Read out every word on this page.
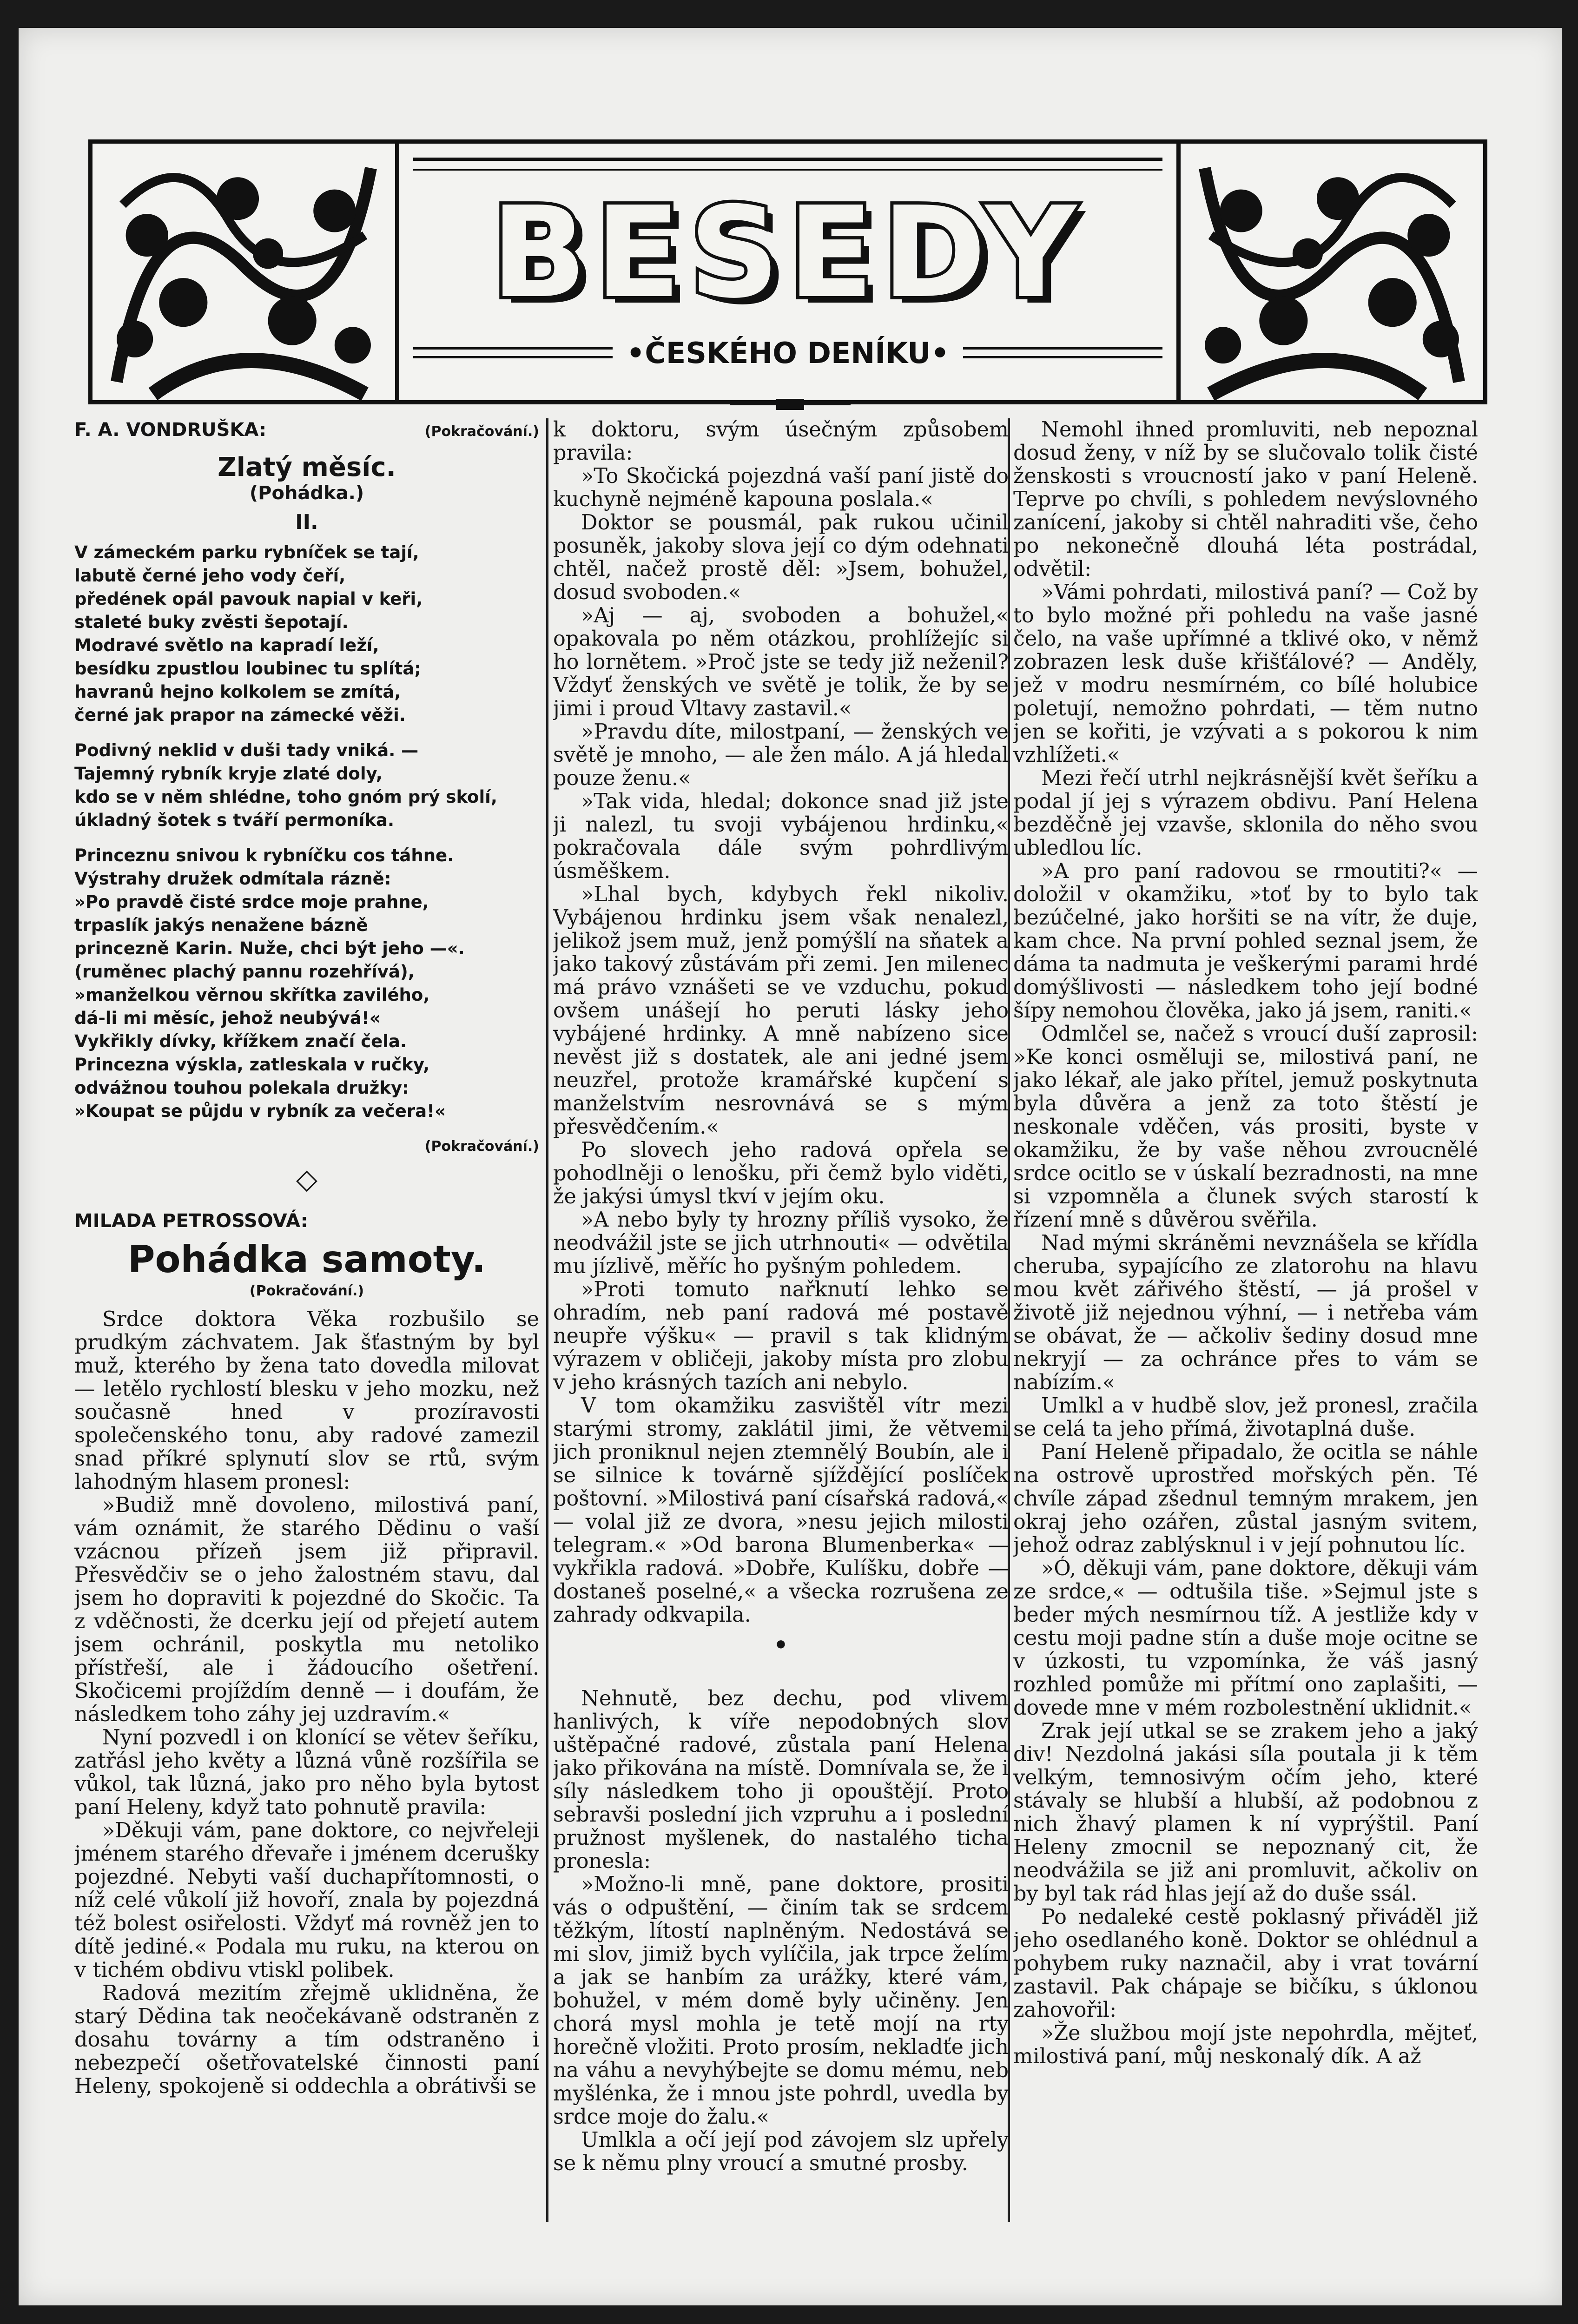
BESEDY
•ČESKÉHO DENÍKU•
F. A. VONDRUŠKA:	(Pokračování.)
Zlatý měsíc.
(Pohádka.)
II.

V zámeckém parku rybníček se tají,

labutě černé jeho vody čeří,

předének opál pavouk napial v keři,

staleté buky zvěsti šepotají.

Modravé světlo na kapradí leží,

besídku zpustlou loubinec tu splítá;

havranů hejno kolkolem se zmítá,

černé jak prapor na zámecké věži.

Podivný neklid v duši tady vniká. —

Tajemný rybník kryje zlaté doly,

kdo se v něm shlédne, toho gnóm prý skolí,

úkladný šotek s tváří permoníka.

Princeznu snivou k rybníčku cos táhne.

Výstrahy družek odmítala rázně:

»Po pravdě čisté srdce moje prahne,

trpaslík jakýs nenažene bázně

princezně Karin. Nuže, chci být jeho —«.

(ruměnec plachý pannu rozehřívá),

»manželkou věrnou skřítka zavilého,

dá-li mi měsíc, jehož neubývá!«

Vykřikly dívky, křížkem značí čela.

Princezna výskla, zatleskala v ručky,

odvážnou touhou polekala družky:

»Koupat se půjdu v rybník za večera!«

(Pokračování.)
◇
MILADA PETROSSOVÁ:
Pohádka samoty.
(Pokračování.)

Srdce doktora Věka rozbušilo se prudkým záchvatem. Jak šťastným by byl muž, kterého by žena tato dovedla milovat — letělo rychlostí blesku v jeho mozku, než současně hned v prozíravosti společenského tonu, aby radové zamezil snad příkré splynutí slov se rtů, svým lahodným hlasem pronesl:

»Budiž mně dovoleno, milostivá paní, vám oznámit, že starého Dědinu o vaší vzácnou přízeň jsem již připravil. Přesvědčiv se o jeho žalostném stavu, dal jsem ho dopraviti k pojezdné do Skočic. Ta z vděčnosti, že dcerku její od přejetí autem jsem ochránil, poskytla mu netoliko přístřeší, ale i žádoucího ošetření. Skočicemi projíždím denně — i doufám, že následkem toho záhy jej uzdravím.«

Nyní pozvedl i on klonící se větev šeříku, zatřásl jeho květy a lůzná vůně rozšířila se vůkol, tak lůzná, jako pro něho byla bytost paní Heleny, když tato pohnutě pravila:

»Děkuji vám, pane doktore, co nejvřeleji jménem starého dřevaře i jménem dcerušky pojezdné. Nebyti vaší duchapřítomnosti, o níž celé vůkolí již hovoří, znala by pojezdná též bolest osiřelosti. Vždyť má rovněž jen to dítě jediné.« Podala mu ruku, na kterou on v tichém obdivu vtiskl polibek.

Radová mezitím zřejmě uklidněna, že starý Dědina tak neočekávaně odstraněn z dosahu továrny a tím odstraněno i nebezpečí ošetřovatelské činnosti paní Heleny, spokojeně si oddechla a obrátivši se

k doktoru, svým úsečným způsobem pravila:

»To Skočická pojezdná vaší paní jistě do kuchyně nejméně kapouna poslala.«

Doktor se pousmál, pak rukou učinil posuněk, jakoby slova její co dým odehnati chtěl, načež prostě děl: »Jsem, bohužel, dosud svoboden.«

»Aj — aj, svoboden a bohužel,« opakovala po něm otázkou, prohlížejíc si ho lornětem. »Proč jste se tedy již neženil? Vždyť ženských ve světě je tolik, že by se jimi i proud Vltavy zastavil.«

»Pravdu díte, milostpaní, — ženských ve světě je mnoho, — ale žen málo. A já hledal pouze ženu.«

»Tak vida, hledal; dokonce snad již jste ji nalezl, tu svoji vybájenou hrdinku,« pokračovala dále svým pohrdlivým úsměškem.

»Lhal bych, kdybych řekl nikoliv. Vybájenou hrdinku jsem však nenalezl, jelikož jsem muž, jenž pomýšlí na sňatek a jako takový zůstávám při zemi. Jen milenec má právo vznášeti se ve vzduchu, pokud ovšem unášejí ho peruti lásky jeho vybájené hrdinky. A mně nabízeno sice nevěst již s dostatek, ale ani jedné jsem neuzřel, protože kramářské kupčení s manželstvím nesrovnává se s mým přesvědčením.«

Po slovech jeho radová opřela se pohodlněji o lenošku, při čemž bylo viděti, že jakýsi úmysl tkví v jejím oku.

»A nebo byly ty hrozny příliš vysoko, že neodvážil jste se jich utrhnouti« — odvětila mu jízlivě, měříc ho pyšným pohledem.

»Proti tomuto nařknutí lehko se ohradím, neb paní radová mé postavě neupře výšku« — pravil s tak klidným výrazem v obličeji, jakoby místa pro zlobu v jeho krásných tazích ani nebylo.

V tom okamžiku zasvištěl vítr mezi starými stromy, zaklátil jimi, že větvemi jich proniknul nejen ztemnělý Boubín, ale i se silnice k továrně sjíždějící poslíček poštovní. »Milostivá paní císařská radová,« — volal již ze dvora, »nesu jejich milosti telegram.« »Od barona Blumenberka« — vykřikla radová. »Dobře, Kulíšku, dobře — dostaneš poselné,« a všecka rozrušena ze zahrady odkvapila.

•

Nehnutě, bez dechu, pod vlivem hanlivých, k víře nepodobných slov uštěpačné radové, zůstala paní Helena jako přikována na místě. Domnívala se, že i síly následkem toho ji opouštějí. Proto sebravši poslední jich vzpruhu a i poslední pružnost myšlenek, do nastalého ticha pronesla:

»Možno-li mně, pane doktore, prositi vás o odpuštění, — činím tak se srdcem těžkým, lítostí naplněným. Nedostává se mi slov, jimiž bych vylíčila, jak trpce želím a jak se hanbím za urážky, které vám, bohužel, v mém domě byly učiněny. Jen chorá mysl mohla je tetě mojí na rty horečně vložiti. Proto prosím, nekladťe jich na váhu a nevyhýbejte se domu mému, neb myšlénka, že i mnou jste pohrdl, uvedla by srdce moje do žalu.«

Umlkla a očí její pod závojem slz upřely se k němu plny vroucí a smutné prosby.

Nemohl ihned promluviti, neb nepoznal dosud ženy, v níž by se slučovalo tolik čisté ženskosti s vroucností jako v paní Heleně. Teprve po chvíli, s pohledem nevýslovného zanícení, jakoby si chtěl nahraditi vše, čeho po nekonečně dlouhá léta postrádal, odvětil:

»Vámi pohrdati, milostivá paní? — Což by to bylo možné při pohledu na vaše jasné čelo, na vaše upřímné a tklivé oko, v němž zobrazen lesk duše křišťálové? — Anděly, jež v modru nesmírném, co bílé holubice poletují, nemožno pohrdati, — těm nutno jen se kořiti, je vzývati a s pokorou k nim vzhlížeti.«

Mezi řečí utrhl nejkrásnější květ šeříku a podal jí jej s výrazem obdivu. Paní Helena bezděčně jej vzavše, sklonila do něho svou ubledlou líc.

»A pro paní radovou se rmoutiti?« — doložil v okamžiku, »toť by to bylo tak bezúčelné, jako horšiti se na vítr, že duje, kam chce. Na první pohled seznal jsem, že dáma ta nadmuta je veškerými parami hrdé domýšlivosti — následkem toho její bodné šípy nemohou člověka, jako já jsem, raniti.«

Odmlčel se, načež s vroucí duší zaprosil: »Ke konci osměluji se, milostivá paní, ne jako lékař, ale jako přítel, jemuž poskytnuta byla důvěra a jenž za toto štěstí je neskonale vděčen, vás prositi, byste v okamžiku, že by vaše něhou zvroucnělé srdce ocitlo se v úskalí bezradnosti, na mne si vzpomněla a člunek svých starostí k řízení mně s důvěrou svěřila.

Nad mými skráněmi nevznášela se křídla cheruba, sypajícího ze zlatorohu na hlavu mou květ zářivého štěstí, — já prošel v životě již nejednou výhní, — i netřeba vám se obávat, že — ačkoliv šediny dosud mne nekryjí — za ochránce přes to vám se nabízím.«

Umlkl a v hudbě slov, jež pronesl, zračila se celá ta jeho přímá, životaplná duše.

Paní Heleně připadalo, že ocitla se náhle na ostrově uprostřed mořských pěn. Té chvíle západ zšednul temným mrakem, jen okraj jeho ozářen, zůstal jasným svitem, jehož odraz zablýsknul i v její pohnutou líc.

»Ó, děkuji vám, pane doktore, děkuji vám ze srdce,« — odtušila tiše. »Sejmul jste s beder mých nesmírnou tíž. A jestliže kdy v cestu moji padne stín a duše moje ocitne se v úzkosti, tu vzpomínka, že váš jasný rozhled pomůže mi přítmí ono zaplašiti, — dovede mne v mém rozbolestnění uklidnit.«

Zrak její utkal se se zrakem jeho a jaký div! Nezdolná jakási síla poutala ji k těm velkým, temnosivým očím jeho, které stávaly se hlubší a hlubší, až podobnou z nich žhavý plamen k ní vyprýštil. Paní Heleny zmocnil se nepoznaný cit, že neodvážila se již ani promluvit, ačkoliv on by byl tak rád hlas její až do duše ssál.

Po nedaleké cestě poklasný přiváděl již jeho osedlaného koně. Doktor se ohlédnul a pohybem ruky naznačil, aby i vrat tovární zastavil. Pak chápaje se bičíku, s úklonou zahovořil:

»Že službou mojí jste nepohrdla, mějteť, milostivá paní, můj neskonalý dík. A až
